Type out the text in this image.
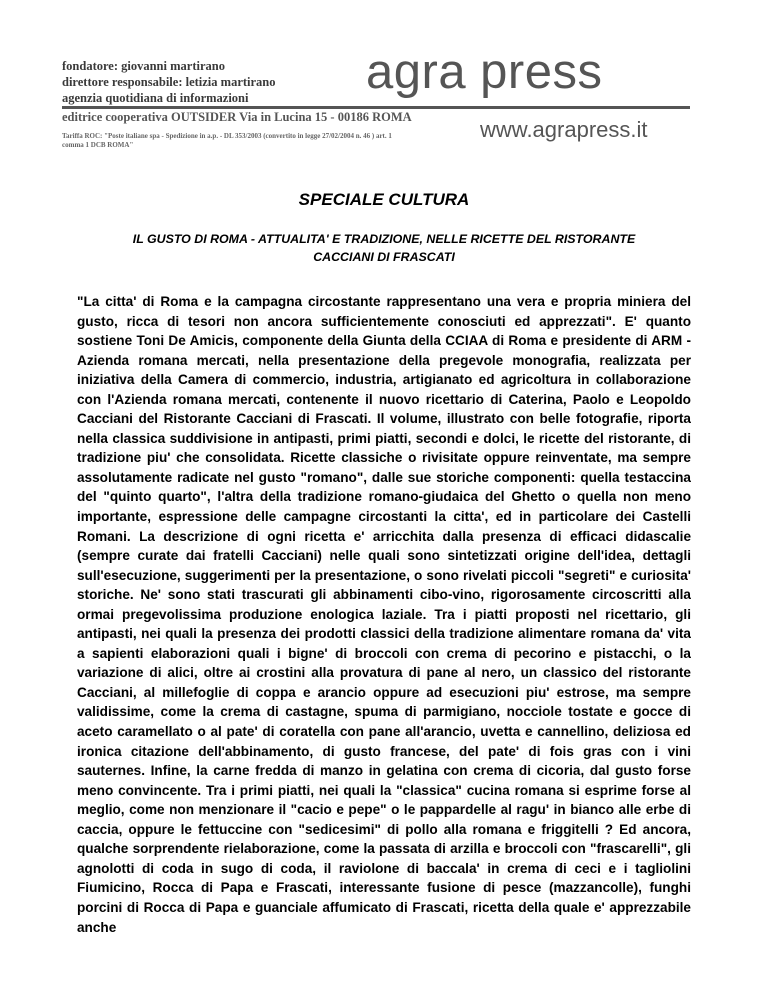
fondatore: giovanni martirano
direttore responsabile: letizia martirano
agenzia quotidiana di informazioni	agra press
editrice cooperativa OUTSIDER Via in Lucina 15 - 00186 ROMA
Tariffa ROC: "Poste italiane spa - Spedizione in a.p. - DL 353/2003 (convertito in legge 27/02/2004 n. 46 ) art. 1 comma 1 DCB ROMA"
www.agrapress.it
SPECIALE CULTURA
IL GUSTO DI ROMA - ATTUALITA' E TRADIZIONE, NELLE RICETTE DEL RISTORANTE CACCIANI DI FRASCATI
"La citta' di Roma e la campagna circostante rappresentano una vera e propria miniera del gusto, ricca di tesori non ancora sufficientemente conosciuti ed apprezzati". E' quanto sostiene Toni De Amicis, componente della Giunta della CCIAA di Roma e presidente di ARM - Azienda romana mercati, nella presentazione della pregevole monografia, realizzata per iniziativa della Camera di commercio, industria, artigianato ed agricoltura in collaborazione con l'Azienda romana mercati, contenente il nuovo ricettario di Caterina, Paolo e Leopoldo Cacciani del Ristorante Cacciani di Frascati. Il volume, illustrato con belle fotografie, riporta nella classica suddivisione in antipasti, primi piatti, secondi e dolci, le ricette del ristorante, di tradizione piu' che consolidata. Ricette classiche o rivisitate oppure reinventate, ma sempre assolutamente radicate nel gusto "romano", dalle sue storiche componenti: quella testaccina del "quinto quarto", l'altra della tradizione romano-giudaica del Ghetto o quella non meno importante, espressione delle campagne circostanti la citta', ed in particolare dei Castelli Romani. La descrizione di ogni ricetta e' arricchita dalla presenza di efficaci didascalie (sempre curate dai fratelli Cacciani) nelle quali sono sintetizzati origine dell'idea, dettagli sull'esecuzione, suggerimenti per la presentazione, o sono rivelati piccoli "segreti" e curiosita' storiche. Ne' sono stati trascurati gli abbinamenti cibo-vino, rigorosamente circoscritti alla ormai pregevolissima produzione enologica laziale. Tra i piatti proposti nel ricettario, gli antipasti, nei quali la presenza dei prodotti classici della tradizione alimentare romana da' vita a sapienti elaborazioni quali i bigne' di broccoli con crema di pecorino e pistacchi, o la variazione di alici, oltre ai crostini alla provatura di pane al nero, un classico del ristorante Cacciani, al millefoglie di coppa e arancio oppure ad esecuzioni piu' estrose, ma sempre validissime, come la crema di castagne, spuma di parmigiano, nocciole tostate e gocce di aceto caramellato o al pate' di coratella con pane all'arancio, uvetta e cannellino, deliziosa ed ironica citazione dell'abbinamento, di gusto francese, del pate' di fois gras con i vini sauternes. Infine, la carne fredda di manzo in gelatina con crema di cicoria, dal gusto forse meno convincente. Tra i primi piatti, nei quali la "classica" cucina romana si esprime forse al meglio, come non menzionare il "cacio e pepe" o le pappardelle al ragu' in bianco alle erbe di caccia, oppure le fettuccine con "sedicesimi" di pollo alla romana e friggitelli ? Ed ancora, qualche sorprendente rielaborazione, come la passata di arzilla e broccoli con "frascarelli", gli agnolotti di coda in sugo di coda, il raviolone di baccala' in crema di ceci e i tagliolini Fiumicino, Rocca di Papa e Frascati, interessante fusione di pesce (mazzancolle), funghi porcini di Rocca di Papa e guanciale affumicato di Frascati, ricetta della quale e' apprezzabile anche
